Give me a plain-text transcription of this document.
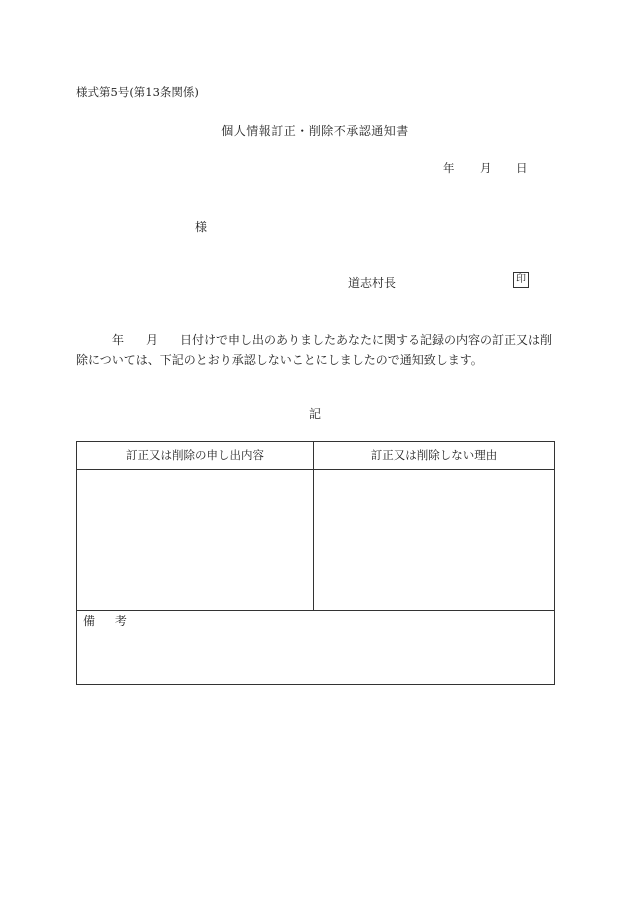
様式第5号(第13条関係)
個人情報訂正・削除不承認通知書
年 月 日
様
道志村長	印
年 月 日付けで申し出のありましたあなたに関する記録の内容の訂正又は削
除については、下記のとおり承認しないことにしましたので通知致します。
記
訂正又は削除の申し出内容	訂正又は削除しない理由
備 考
